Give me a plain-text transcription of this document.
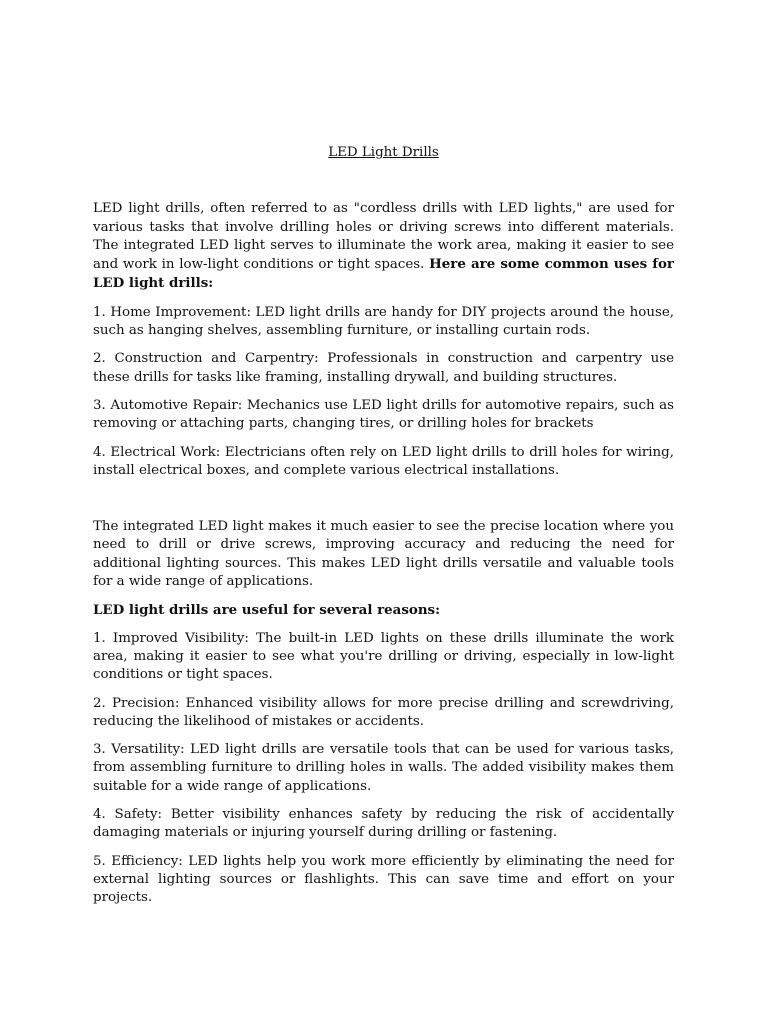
LED Light Drills

LED light drills, often referred to as "cordless drills with LED lights," are used for various tasks that involve drilling holes or driving screws into different materials. The integrated LED light serves to illuminate the work area, making it easier to see and work in low-light conditions or tight spaces. Here are some common uses for LED light drills:

1. Home Improvement: LED light drills are handy for DIY projects around the house, such as hanging shelves, assembling furniture, or installing curtain rods.

2. Construction and Carpentry: Professionals in construction and carpentry use these drills for tasks like framing, installing drywall, and building structures.

3. Automotive Repair: Mechanics use LED light drills for automotive repairs, such as removing or attaching parts, changing tires, or drilling holes for brackets

4. Electrical Work: Electricians often rely on LED light drills to drill holes for wiring, install electrical boxes, and complete various electrical installations.

The integrated LED light makes it much easier to see the precise location where you need to drill or drive screws, improving accuracy and reducing the need for additional lighting sources. This makes LED light drills versatile and valuable tools for a wide range of applications.

LED light drills are useful for several reasons:

1. Improved Visibility: The built-in LED lights on these drills illuminate the work area, making it easier to see what you're drilling or driving, especially in low-light conditions or tight spaces.

2. Precision: Enhanced visibility allows for more precise drilling and screwdriving, reducing the likelihood of mistakes or accidents.

3. Versatility: LED light drills are versatile tools that can be used for various tasks, from assembling furniture to drilling holes in walls. The added visibility makes them suitable for a wide range of applications.

4. Safety: Better visibility enhances safety by reducing the risk of accidentally damaging materials or injuring yourself during drilling or fastening.

5. Efficiency: LED lights help you work more efficiently by eliminating the need for external lighting sources or flashlights. This can save time and effort on your projects.
